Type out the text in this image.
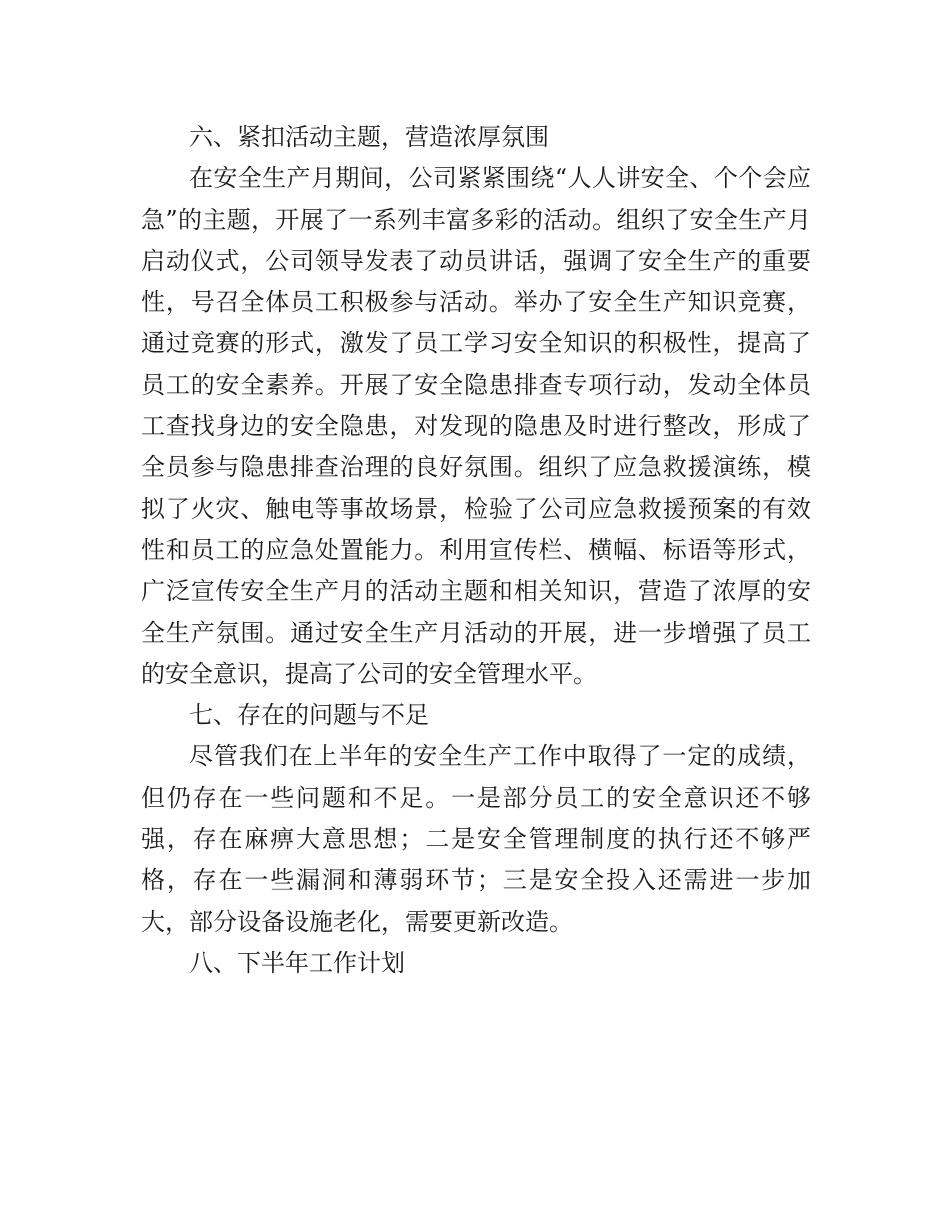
六、紧扣活动主题，营造浓厚氛围

在安全生产月期间，公司紧紧围绕“人人讲安全、个个会应急”的主题，开展了一系列丰富多彩的活动。组织了安全生产月启动仪式，公司领导发表了动员讲话，强调了安全生产的重要性，号召全体员工积极参与活动。举办了安全生产知识竞赛，通过竞赛的形式，激发了员工学习安全知识的积极性，提高了员工的安全素养。开展了安全隐患排查专项行动，发动全体员工查找身边的安全隐患，对发现的隐患及时进行整改，形成了全员参与隐患排查治理的良好氛围。组织了应急救援演练，模拟了火灾、触电等事故场景，检验了公司应急救援预案的有效性和员工的应急处置能力。利用宣传栏、横幅、标语等形式，广泛宣传安全生产月的活动主题和相关知识，营造了浓厚的安全生产氛围。通过安全生产月活动的开展，进一步增强了员工的安全意识，提高了公司的安全管理水平。

七、存在的问题与不足

尽管我们在上半年的安全生产工作中取得了一定的成绩，但仍存在一些问题和不足。一是部分员工的安全意识还不够强，存在麻痹大意思想；二是安全管理制度的执行还不够严格，存在一些漏洞和薄弱环节；三是安全投入还需进一步加大，部分设备设施老化，需要更新改造。

八、下半年工作计划
